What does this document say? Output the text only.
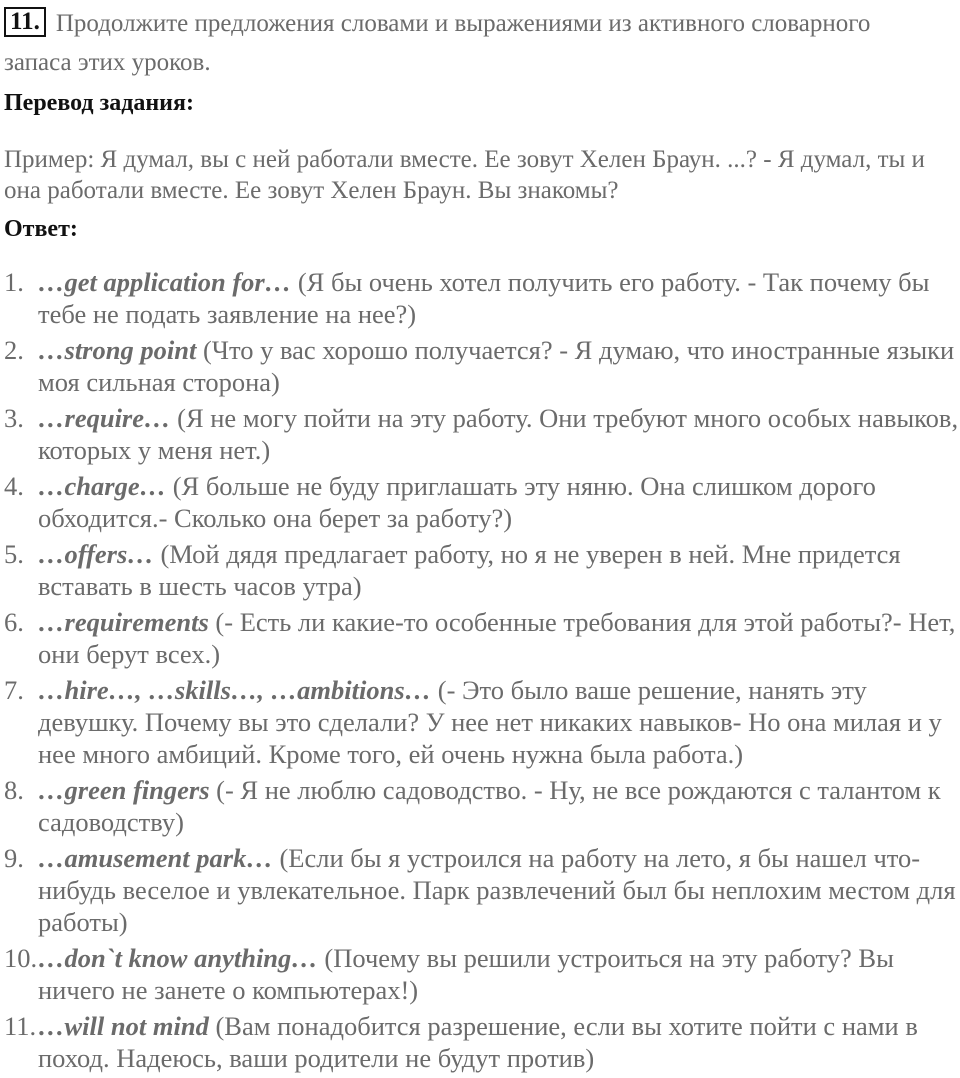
11. Продолжите предложения словами и выражениями из активного словарного запаса этих уроков.
Перевод задания:
Пример: Я думал, вы с ней работали вместе. Ее зовут Хелен Браун. ...? - Я думал, ты и она работали вместе. Ее зовут Хелен Браун. Вы знакомы?
Ответ:
1. …get application for… (Я бы очень хотел получить его работу. - Так почему бы тебе не подать заявление на нее?)
2. …strong point (Что у вас хорошо получается? - Я думаю, что иностранные языки моя сильная сторона)
3. …require… (Я не могу пойти на эту работу. Они требуют много особых навыков, которых у меня нет.)
4. …charge… (Я больше не буду приглашать эту няню. Она слишком дорого обходится.- Сколько она берет за работу?)
5. …offers… (Мой дядя предлагает работу, но я не уверен в ней. Мне придется вставать в шесть часов утра)
6. …requirements (- Есть ли какие-то особенные требования для этой работы?- Нет, они берут всех.)
7. …hire…, …skills…, …ambitions… (- Это было ваше решение, нанять эту девушку. Почему вы это сделали? У нее нет никаких навыков- Но она милая и у нее много амбиций. Кроме того, ей очень нужна была работа.)
8. …green fingers (- Я не люблю садоводство. - Ну, не все рождаются с талантом к садоводству)
9. …amusement park… (Если бы я устроился на работу на лето, я бы нашел что-нибудь веселое и увлекательное. Парк развлечений был бы неплохим местом для работы)
10. …don`t know anything… (Почему вы решили устроиться на эту работу? Вы ничего не занете о компьютерах!)
11. …will not mind (Вам понадобится разрешение, если вы хотите пойти с нами в поход. Надеюсь, ваши родители не будут против)
